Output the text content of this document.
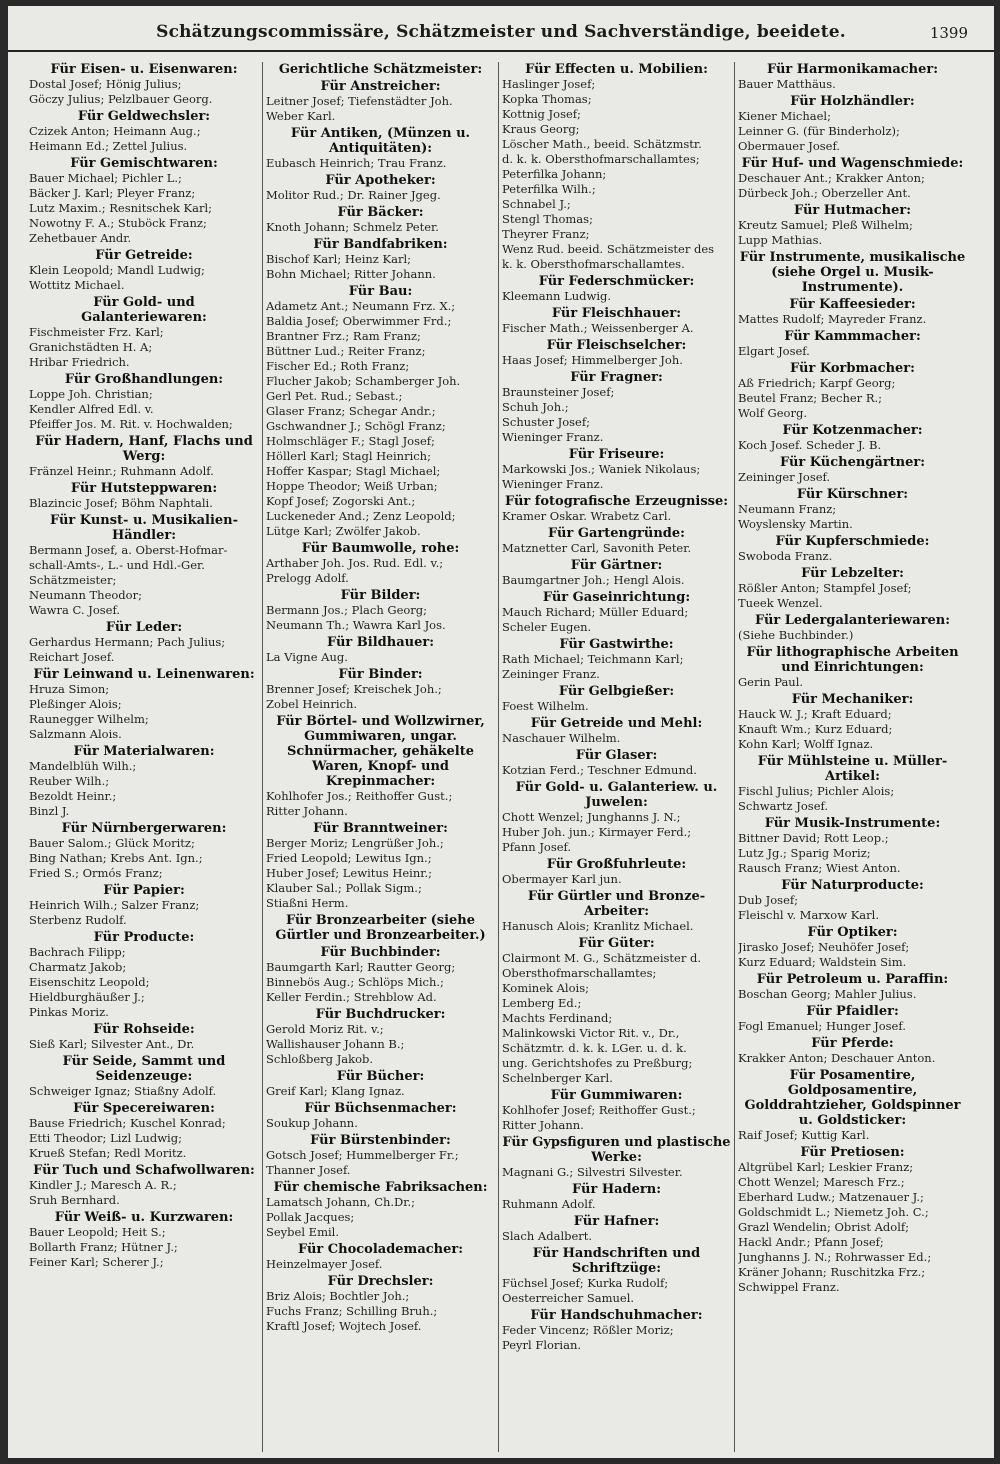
Schätzungscommissäre, Schätzmeister und Sachverständige, beeidete.	1399
Für Eisen- u. Eisenwaren:
Dostal Josef; Hönig Julius;
Göczy Julius; Pelzlbauer Georg.
Für Geldwechsler:
Czizek Anton; Heimann Aug.;
Heimann Ed.; Zettel Julius.
Für Gemischtwaren:
Bauer Michael; Pichler L.;
Bäcker J. Karl; Pleyer Franz;
Lutz Maxim.; Resnitschek Karl;
Nowotny F. A.; Stuböck Franz;
Zehetbauer Andr.
Für Getreide:
Klein Leopold; Mandl Ludwig;
Wottitz Michael.
Für Gold- und Galanteriewaren:
Fischmeister Frz. Karl;
Granichstädten H. A;
Hribar Friedrich.
Für Großhandlungen:
Loppe Joh. Christian;
Kendler Alfred Edl. v.
Pfeiffer Jos. M. Rit. v. Hochwalden;
Für Hadern, Hanf, Flachs und Werg:
Fränzel Heinr.; Ruhmann Adolf.
Für Hutsteppwaren:
Blazincic Josef; Böhm Naphtali.
Für Kunst- u. Musikalien-Händler:
Bermann Josef, a. Oberst-Hofmar-
schall-Amts-, L.- und Hdl.-Ger.
Schätzmeister;
Neumann Theodor;
Wawra C. Josef.
Für Leder:
Gerhardus Hermann; Pach Julius;
Reichart Josef.
Für Leinwand u. Leinenwaren:
Hruza Simon;
Pleßinger Alois;
Raunegger Wilhelm;
Salzmann Alois.
Für Materialwaren:
Mandelblüh Wilh.;
Reuber Wilh.;
Bezoldt Heinr.;
Binzl J.
Für Nürnbergerwaren:
Bauer Salom.; Glück Moritz;
Bing Nathan; Krebs Ant. Ign.;
Fried S.; Ormós Franz;
Für Papier:
Heinrich Wilh.; Salzer Franz;
Sterbenz Rudolf.
Für Producte:
Bachrach Filipp;
Charmatz Jakob;
Eisenschitz Leopold;
Hieldburghäußer J.;
Pinkas Moriz.
Für Rohseide:
Sieß Karl; Silvester Ant., Dr.
Für Seide, Sammt und Seidenzeuge:
Schweiger Ignaz; Stiaßny Adolf.
Für Specereiwaren:
Bause Friedrich; Kuschel Konrad;
Etti Theodor; Lizl Ludwig;
Krueß Stefan; Redl Moritz.
Für Tuch und Schafwollwaren:
Kindler J.; Maresch A. R.;
Sruh Bernhard.
Für Weiß- u. Kurzwaren:
Bauer Leopold; Heit S.;
Bollarth Franz; Hütner J.;
Feiner Karl; Scherer J.;
Gerichtliche Schätzmeister:
Für Anstreicher:
Leitner Josef; Tiefenstädter Joh.
Weber Karl.
Für Antiken, (Münzen u. Antiquitäten):
Eubasch Heinrich; Trau Franz.
Für Apotheker:
Molitor Rud.; Dr. Rainer Jgeg.
Für Bäcker:
Knoth Johann; Schmelz Peter.
Für Bandfabriken:
Bischof Karl; Heinz Karl;
Bohn Michael; Ritter Johann.
Für Bau:
Adametz Ant.; Neumann Frz. X.;
Baldia Josef; Oberwimmer Frd.;
Brantner Frz.; Ram Franz;
Büttner Lud.; Reiter Franz;
Fischer Ed.; Roth Franz;
Flucher Jakob; Schamberger Joh.
Gerl Pet. Rud.; Sebast.;
Glaser Franz; Schegar Andr.;
Gschwandner J.; Schögl Franz;
Holmschläger F.; Stagl Josef;
Höllerl Karl; Stagl Heinrich;
Hoffer Kaspar; Stagl Michael;
Hoppe Theodor; Weiß Urban;
Kopf Josef; Zogorski Ant.;
Luckeneder And.; Zenz Leopold;
Lütge Karl; Zwölfer Jakob.
Für Baumwolle, rohe:
Arthaber Joh. Jos. Rud. Edl. v.;
Prelogg Adolf.
Für Bilder:
Bermann Jos.; Plach Georg;
Neumann Th.; Wawra Karl Jos.
Für Bildhauer:
La Vigne Aug.
Für Binder:
Brenner Josef; Kreischek Joh.;
Zobel Heinrich.
Für Börtel- und Wollzwirner, Gummiwaren, ungar. Schnürmacher, gehäkelte Waren, Knopf- und Krepinmacher:
Kohlhofer Jos.; Reithoffer Gust.;
Ritter Johann.
Für Branntweiner:
Berger Moriz; Lengrüßer Joh.;
Fried Leopold; Lewitus Ign.;
Huber Josef; Lewitus Heinr.;
Klauber Sal.; Pollak Sigm.;
Stiaßni Herm.
Für Bronzearbeiter (siehe Gürtler und Bronzearbeiter.)
Für Buchbinder:
Baumgarth Karl; Rautter Georg;
Binnebös Aug.; Schlöps Mich.;
Keller Ferdin.; Strehblow Ad.
Für Buchdrucker:
Gerold Moriz Rit. v.;
Wallishauser Johann B.;
Schloßberg Jakob.
Für Bücher:
Greif Karl; Klang Ignaz.
Für Büchsenmacher:
Soukup Johann.
Für Bürstenbinder:
Gotsch Josef; Hummelberger Fr.;
Thanner Josef.
Für chemische Fabriksachen:
Lamatsch Johann, Ch.Dr.;
Pollak Jacques;
Seybel Emil.
Für Chocolademacher:
Heinzelmayer Josef.
Für Drechsler:
Briz Alois; Bochtler Joh.;
Fuchs Franz; Schilling Bruh.;
Kraftl Josef; Wojtech Josef.
Für Effecten u. Mobilien:
Haslinger Josef;
Kopka Thomas;
Kottnig Josef;
Kraus Georg;
Löscher Math., beeid. Schätzmstr.
d. k. k. Obersthofmarschallamtes;
Peterfilka Johann;
Peterfilka Wilh.;
Schnabel J.;
Stengl Thomas;
Theyrer Franz;
Wenz Rud. beeid. Schätzmeister des
k. k. Obersthofmarschallamtes.
Für Federschmücker:
Kleemann Ludwig.
Für Fleischhauer:
Fischer Math.; Weissenberger A.
Für Fleischselcher:
Haas Josef; Himmelberger Joh.
Für Fragner:
Braunsteiner Josef;
Schuh Joh.;
Schuster Josef;
Wieninger Franz.
Für Friseure:
Markowski Jos.; Waniek Nikolaus;
Wieninger Franz.
Für fotografische Erzeugnisse:
Kramer Oskar. Wrabetz Carl.
Für Gartengründe:
Matznetter Carl, Savonith Peter.
Für Gärtner:
Baumgartner Joh.; Hengl Alois.
Für Gaseinrichtung:
Mauch Richard; Müller Eduard;
Scheler Eugen.
Für Gastwirthe:
Rath Michael; Teichmann Karl;
Zeininger Franz.
Für Gelbgießer:
Foest Wilhelm.
Für Getreide und Mehl:
Naschauer Wilhelm.
Für Glaser:
Kotzian Ferd.; Teschner Edmund.
Für Gold- u. Galanteriew. u. Juwelen:
Chott Wenzel; Junghanns J. N.;
Huber Joh. jun.; Kirmayer Ferd.;
Pfann Josef.
Für Großfuhrleute:
Obermayer Karl jun.
Für Gürtler und Bronze-Arbeiter:
Hanusch Alois; Kranlitz Michael.
Für Güter:
Clairmont M. G., Schätzmeister d.
Obersthofmarschallamtes;
Kominek Alois;
Lemberg Ed.;
Machts Ferdinand;
Malinkowski Victor Rit. v., Dr.,
Schätzmtr. d. k. k. LGer. u. d. k.
ung. Gerichtshofes zu Preßburg;
Schelnberger Karl.
Für Gummiwaren:
Kohlhofer Josef; Reithoffer Gust.;
Ritter Johann.
Für Gypsfiguren und plastische Werke:
Magnani G.; Silvestri Silvester.
Für Hadern:
Ruhmann Adolf.
Für Hafner:
Slach Adalbert.
Für Handschriften und Schriftzüge:
Füchsel Josef; Kurka Rudolf;
Oesterreicher Samuel.
Für Handschuhmacher:
Feder Vincenz; Rößler Moriz;
Peyrl Florian.
Für Harmonikamacher:
Bauer Matthäus.
Für Holzhändler:
Kiener Michael;
Leinner G. (für Binderholz);
Obermauer Josef.
Für Huf- und Wagenschmiede:
Deschauer Ant.; Krakker Anton;
Dürbeck Joh.; Oberzeller Ant.
Für Hutmacher:
Kreutz Samuel; Pleß Wilhelm;
Lupp Mathias.
Für Instrumente, musikalische (siehe Orgel u. Musik-Instrumente).
Für Kaffeesieder:
Mattes Rudolf; Mayreder Franz.
Für Kammmacher:
Elgart Josef.
Für Korbmacher:
Aß Friedrich; Karpf Georg;
Beutel Franz; Becher R.;
Wolf Georg.
Für Kotzenmacher:
Koch Josef. Scheder J. B.
Für Küchengärtner:
Zeininger Josef.
Für Kürschner:
Neumann Franz;
Woyslensky Martin.
Für Kupferschmiede:
Swoboda Franz.
Für Lebzelter:
Rößler Anton; Stampfel Josef;
Tueek Wenzel.
Für Ledergalanteriewaren:
(Siehe Buchbinder.)
Für lithographische Arbeiten und Einrichtungen:
Gerin Paul.
Für Mechaniker:
Hauck W. J.; Kraft Eduard;
Knauft Wm.; Kurz Eduard;
Kohn Karl; Wolff Ignaz.
Für Mühlsteine u. Müller-Artikel:
Fischl Julius; Pichler Alois;
Schwartz Josef.
Für Musik-Instrumente:
Bittner David; Rott Leop.;
Lutz Jg.; Sparig Moriz;
Rausch Franz; Wiest Anton.
Für Naturproducte:
Dub Josef;
Fleischl v. Marxow Karl.
Für Optiker:
Jirasko Josef; Neuhöfer Josef;
Kurz Eduard; Waldstein Sim.
Für Petroleum u. Paraffin:
Boschan Georg; Mahler Julius.
Für Pfaidler:
Fogl Emanuel; Hunger Josef.
Für Pferde:
Krakker Anton; Deschauer Anton.
Für Posamentire, Goldposamentire, Golddrahtzieher, Goldspinner u. Goldsticker:
Raif Josef; Kuttig Karl.
Für Pretiosen:
Altgrübel Karl; Leskier Franz;
Chott Wenzel; Maresch Frz.;
Eberhard Ludw.; Matzenauer J.;
Goldschmidt L.; Niemetz Joh. C.;
Grazl Wendelin; Obrist Adolf;
Hackl Andr.; Pfann Josef;
Junghanns J. N.; Rohrwasser Ed.;
Kräner Johann; Ruschitzka Frz.;
Schwippel Franz.
